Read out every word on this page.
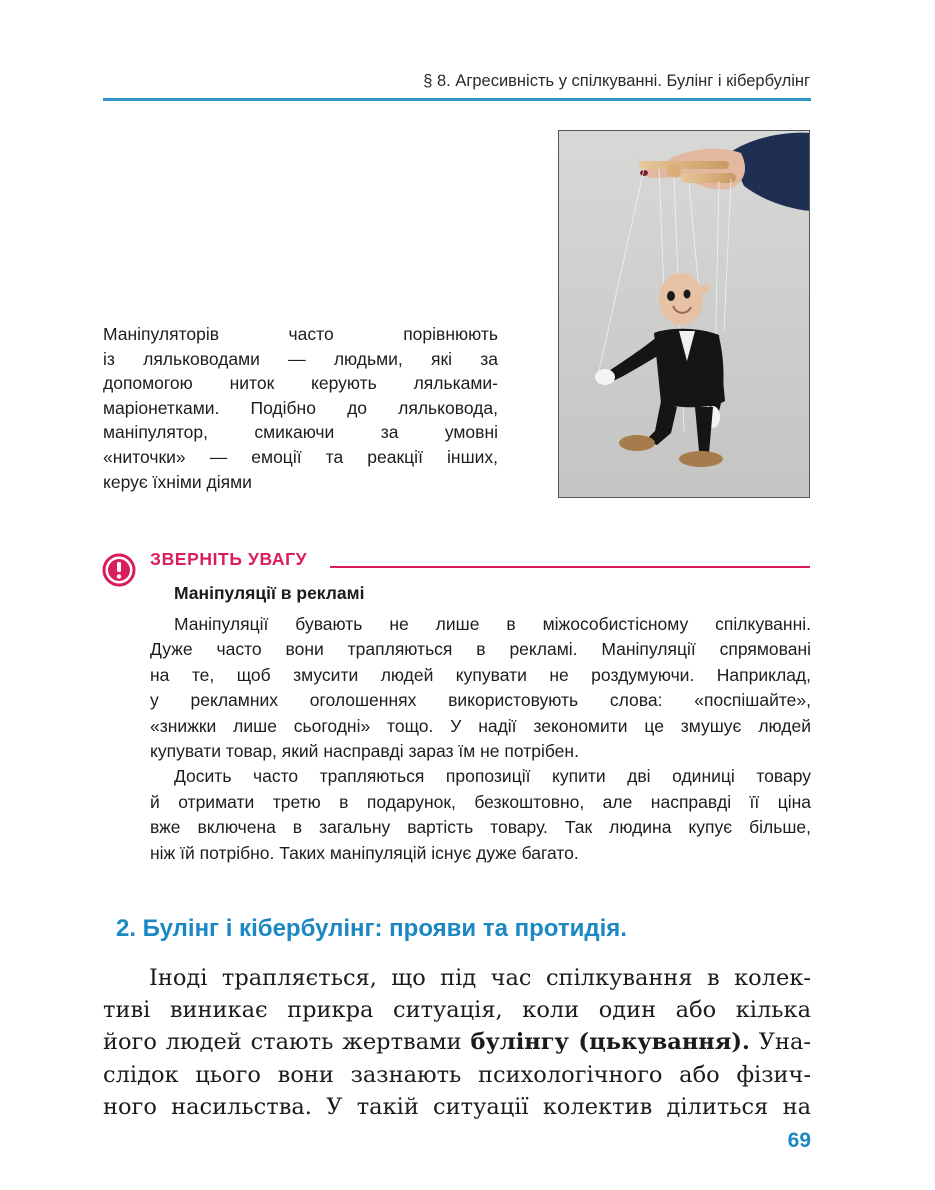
§ 8. Агресивність у спілкуванні. Булінг і кібербулінг

Маніпуляторів часто порівнюють

із ляльководами — людьми, які за

допомогою ниток керують ляльками-

маріонетками. Подібно до ляльковода,

маніпулятор, смикаючи за умовні

«ниточки» — емоції та реакції інших,

керує їхніми діями

ЗВЕРНІТЬ УВАГУ
Маніпуляції в рекламі

Маніпуляції бувають не лише в міжособистісному спілкуванні.

Дуже часто вони трапляються в рекламі. Маніпуляції спрямовані

на те, щоб змусити людей купувати не роздумуючи. Наприклад,

у рекламних оголошеннях використовують слова: «поспішайте»,

«знижки лише сьогодні» тощо. У надії зекономити це змушує людей

купувати товар, який насправді зараз їм не потрібен.

Досить часто трапляються пропозиції купити дві одиниці товару

й отримати третю в подарунок, безкоштовно, але насправді її ціна

вже включена в загальну вартість товару. Так людина купує більше,

ніж їй потрібно. Таких маніпуляцій існує дуже багато.

2. Булінг і кібербулінг: прояви та протидія.

Іноді трапляється, що під час спілкування в колек-

тиві виникає прикра ситуація, коли один або кілька

його людей стають жертвами булінгу (цькування). Уна-

слідок цього вони зазнають психологічного або фізич-

ного насильства. У такій ситуації колектив ділиться на

69
